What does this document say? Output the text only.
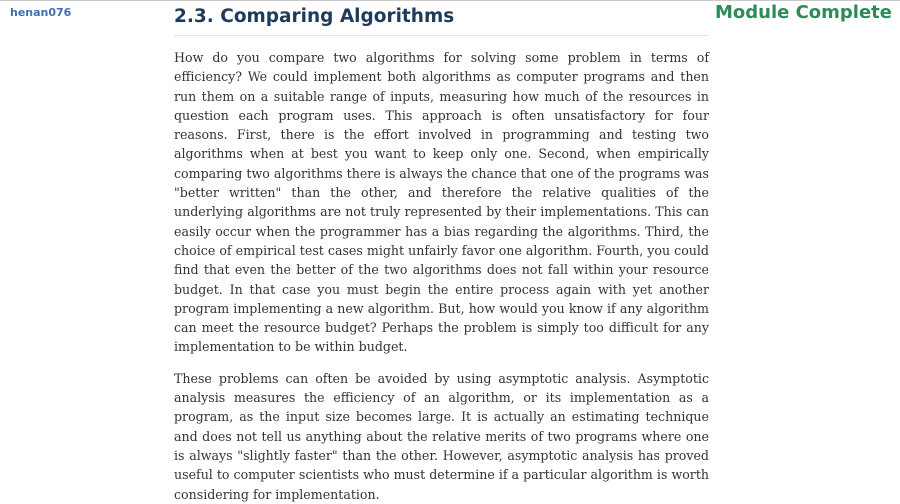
henan076	Module Complete
2.3. Comparing Algorithms

How do you compare two algorithms for solving some problem in terms of efficiency? We could implement both algorithms as computer programs and then run them on a suitable range of inputs, measuring how much of the resources in question each program uses. This approach is often unsatisfactory for four reasons. First, there is the effort involved in programming and testing two algorithms when at best you want to keep only one. Second, when empirically comparing two algorithms there is always the chance that one of the programs was "better written" than the other, and therefore the relative qualities of the underlying algorithms are not truly represented by their implementations. This can easily occur when the programmer has a bias regarding the algorithms. Third, the choice of empirical test cases might unfairly favor one algorithm. Fourth, you could find that even the better of the two algorithms does not fall within your resource budget. In that case you must begin the entire process again with yet another program implementing a new algorithm. But, how would you know if any algorithm can meet the resource budget? Perhaps the problem is simply too difficult for any implementation to be within budget.

These problems can often be avoided by using asymptotic analysis. Asymptotic analysis measures the efficiency of an algorithm, or its implementation as a program, as the input size becomes large. It is actually an estimating technique and does not tell us anything about the relative merits of two programs where one is always "slightly faster" than the other. However, asymptotic analysis has proved useful to computer scientists who must determine if a particular algorithm is worth considering for implementation.
